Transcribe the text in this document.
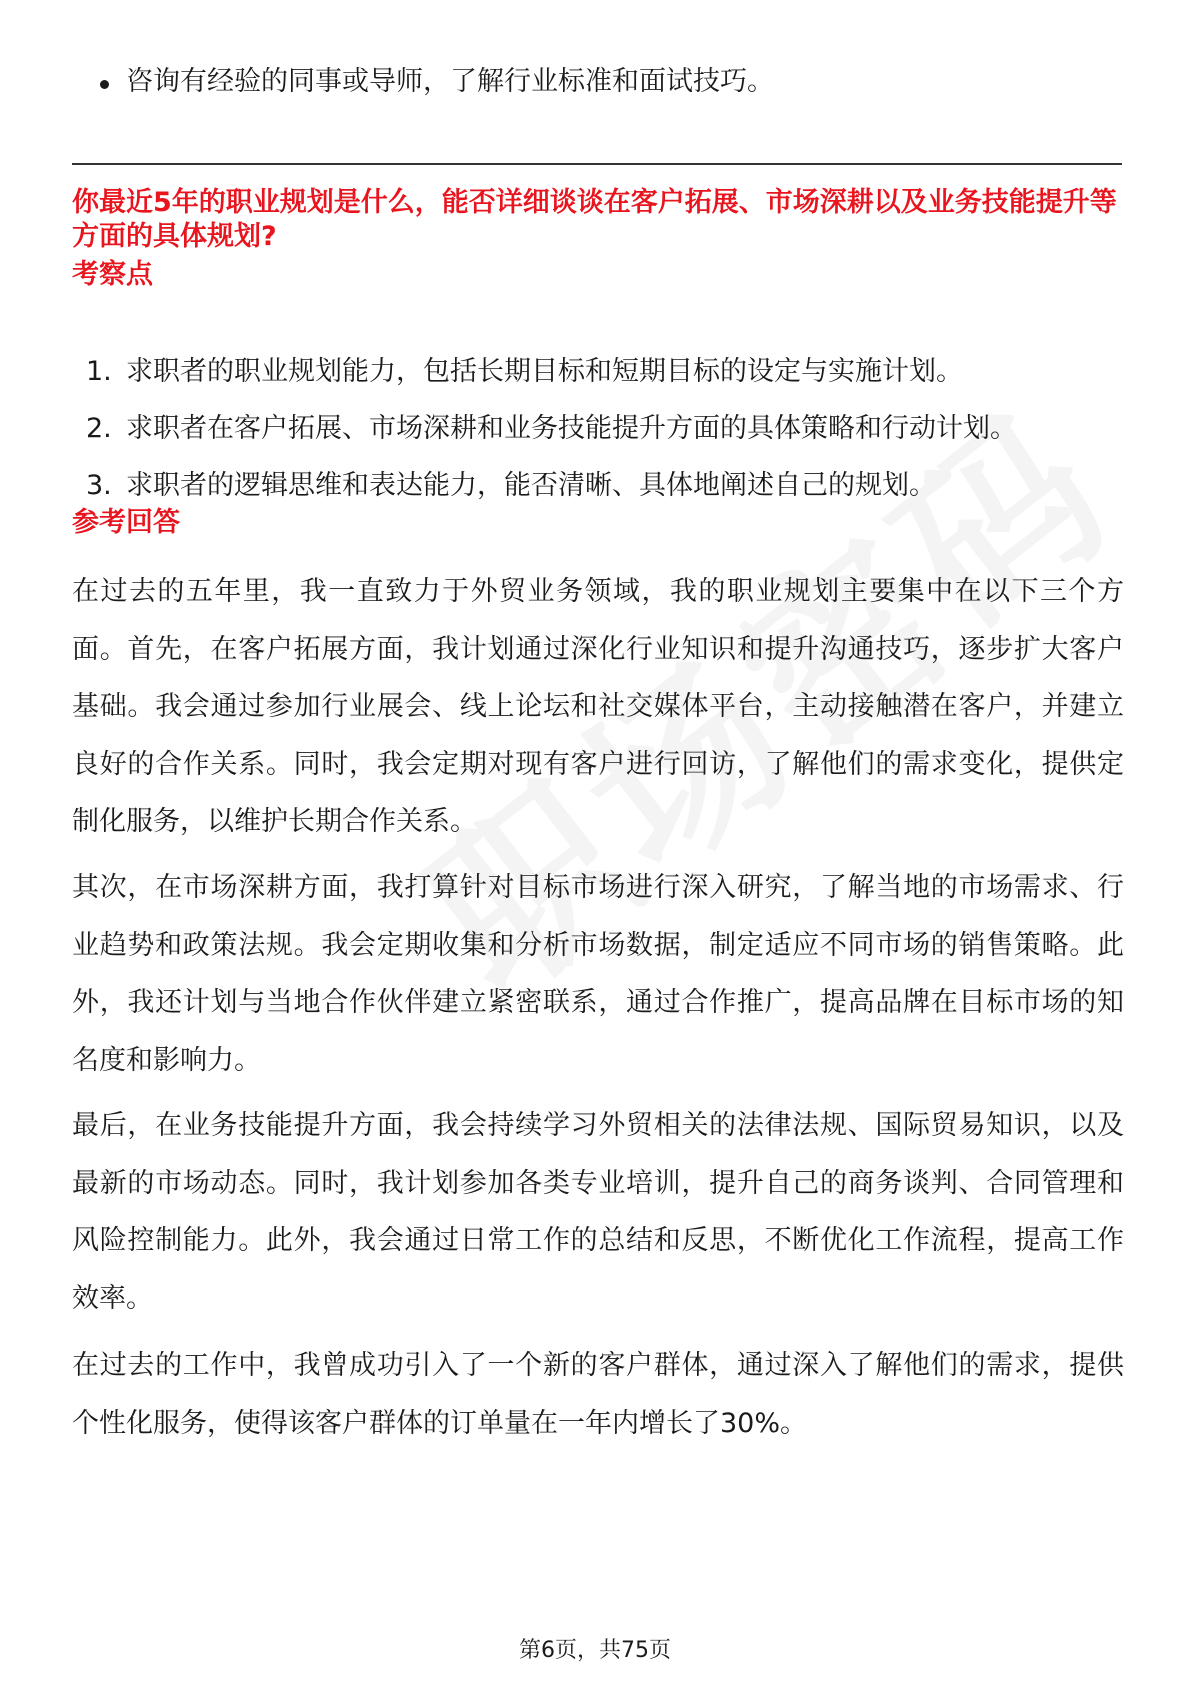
咨询有经验的同事或导师，了解行业标准和面试技巧。
你最近5年的职业规划是什么，能否详细谈谈在客户拓展、市场深耕以及业务技能提升等方面的具体规划?
考察点
1. 求职者的职业规划能力，包括长期目标和短期目标的设定与实施计划。
2. 求职者在客户拓展、市场深耕和业务技能提升方面的具体策略和行动计划。
3. 求职者的逻辑思维和表达能力，能否清晰、具体地阐述自己的规划。
参考回答
在过去的五年里，我一直致力于外贸业务领域，我的职业规划主要集中在以下三个方面。首先，在客户拓展方面，我计划通过深化行业知识和提升沟通技巧，逐步扩大客户基础。我会通过参加行业展会、线上论坛和社交媒体平台，主动接触潜在客户，并建立良好的合作关系。同时，我会定期对现有客户进行回访，了解他们的需求变化，提供定制化服务，以维护长期合作关系。
其次，在市场深耕方面，我打算针对目标市场进行深入研究，了解当地的市场需求、行业趋势和政策法规。我会定期收集和分析市场数据，制定适应不同市场的销售策略。此外，我还计划与当地合作伙伴建立紧密联系，通过合作推广，提高品牌在目标市场的知名度和影响力。
最后，在业务技能提升方面，我会持续学习外贸相关的法律法规、国际贸易知识，以及最新的市场动态。同时，我计划参加各类专业培训，提升自己的商务谈判、合同管理和风险控制能力。此外，我会通过日常工作的总结和反思，不断优化工作流程，提高工作效率。
在过去的工作中，我曾成功引入了一个新的客户群体，通过深入了解他们的需求，提供个性化服务，使得该客户群体的订单量在一年内增长了30%。
第6页，共75页
